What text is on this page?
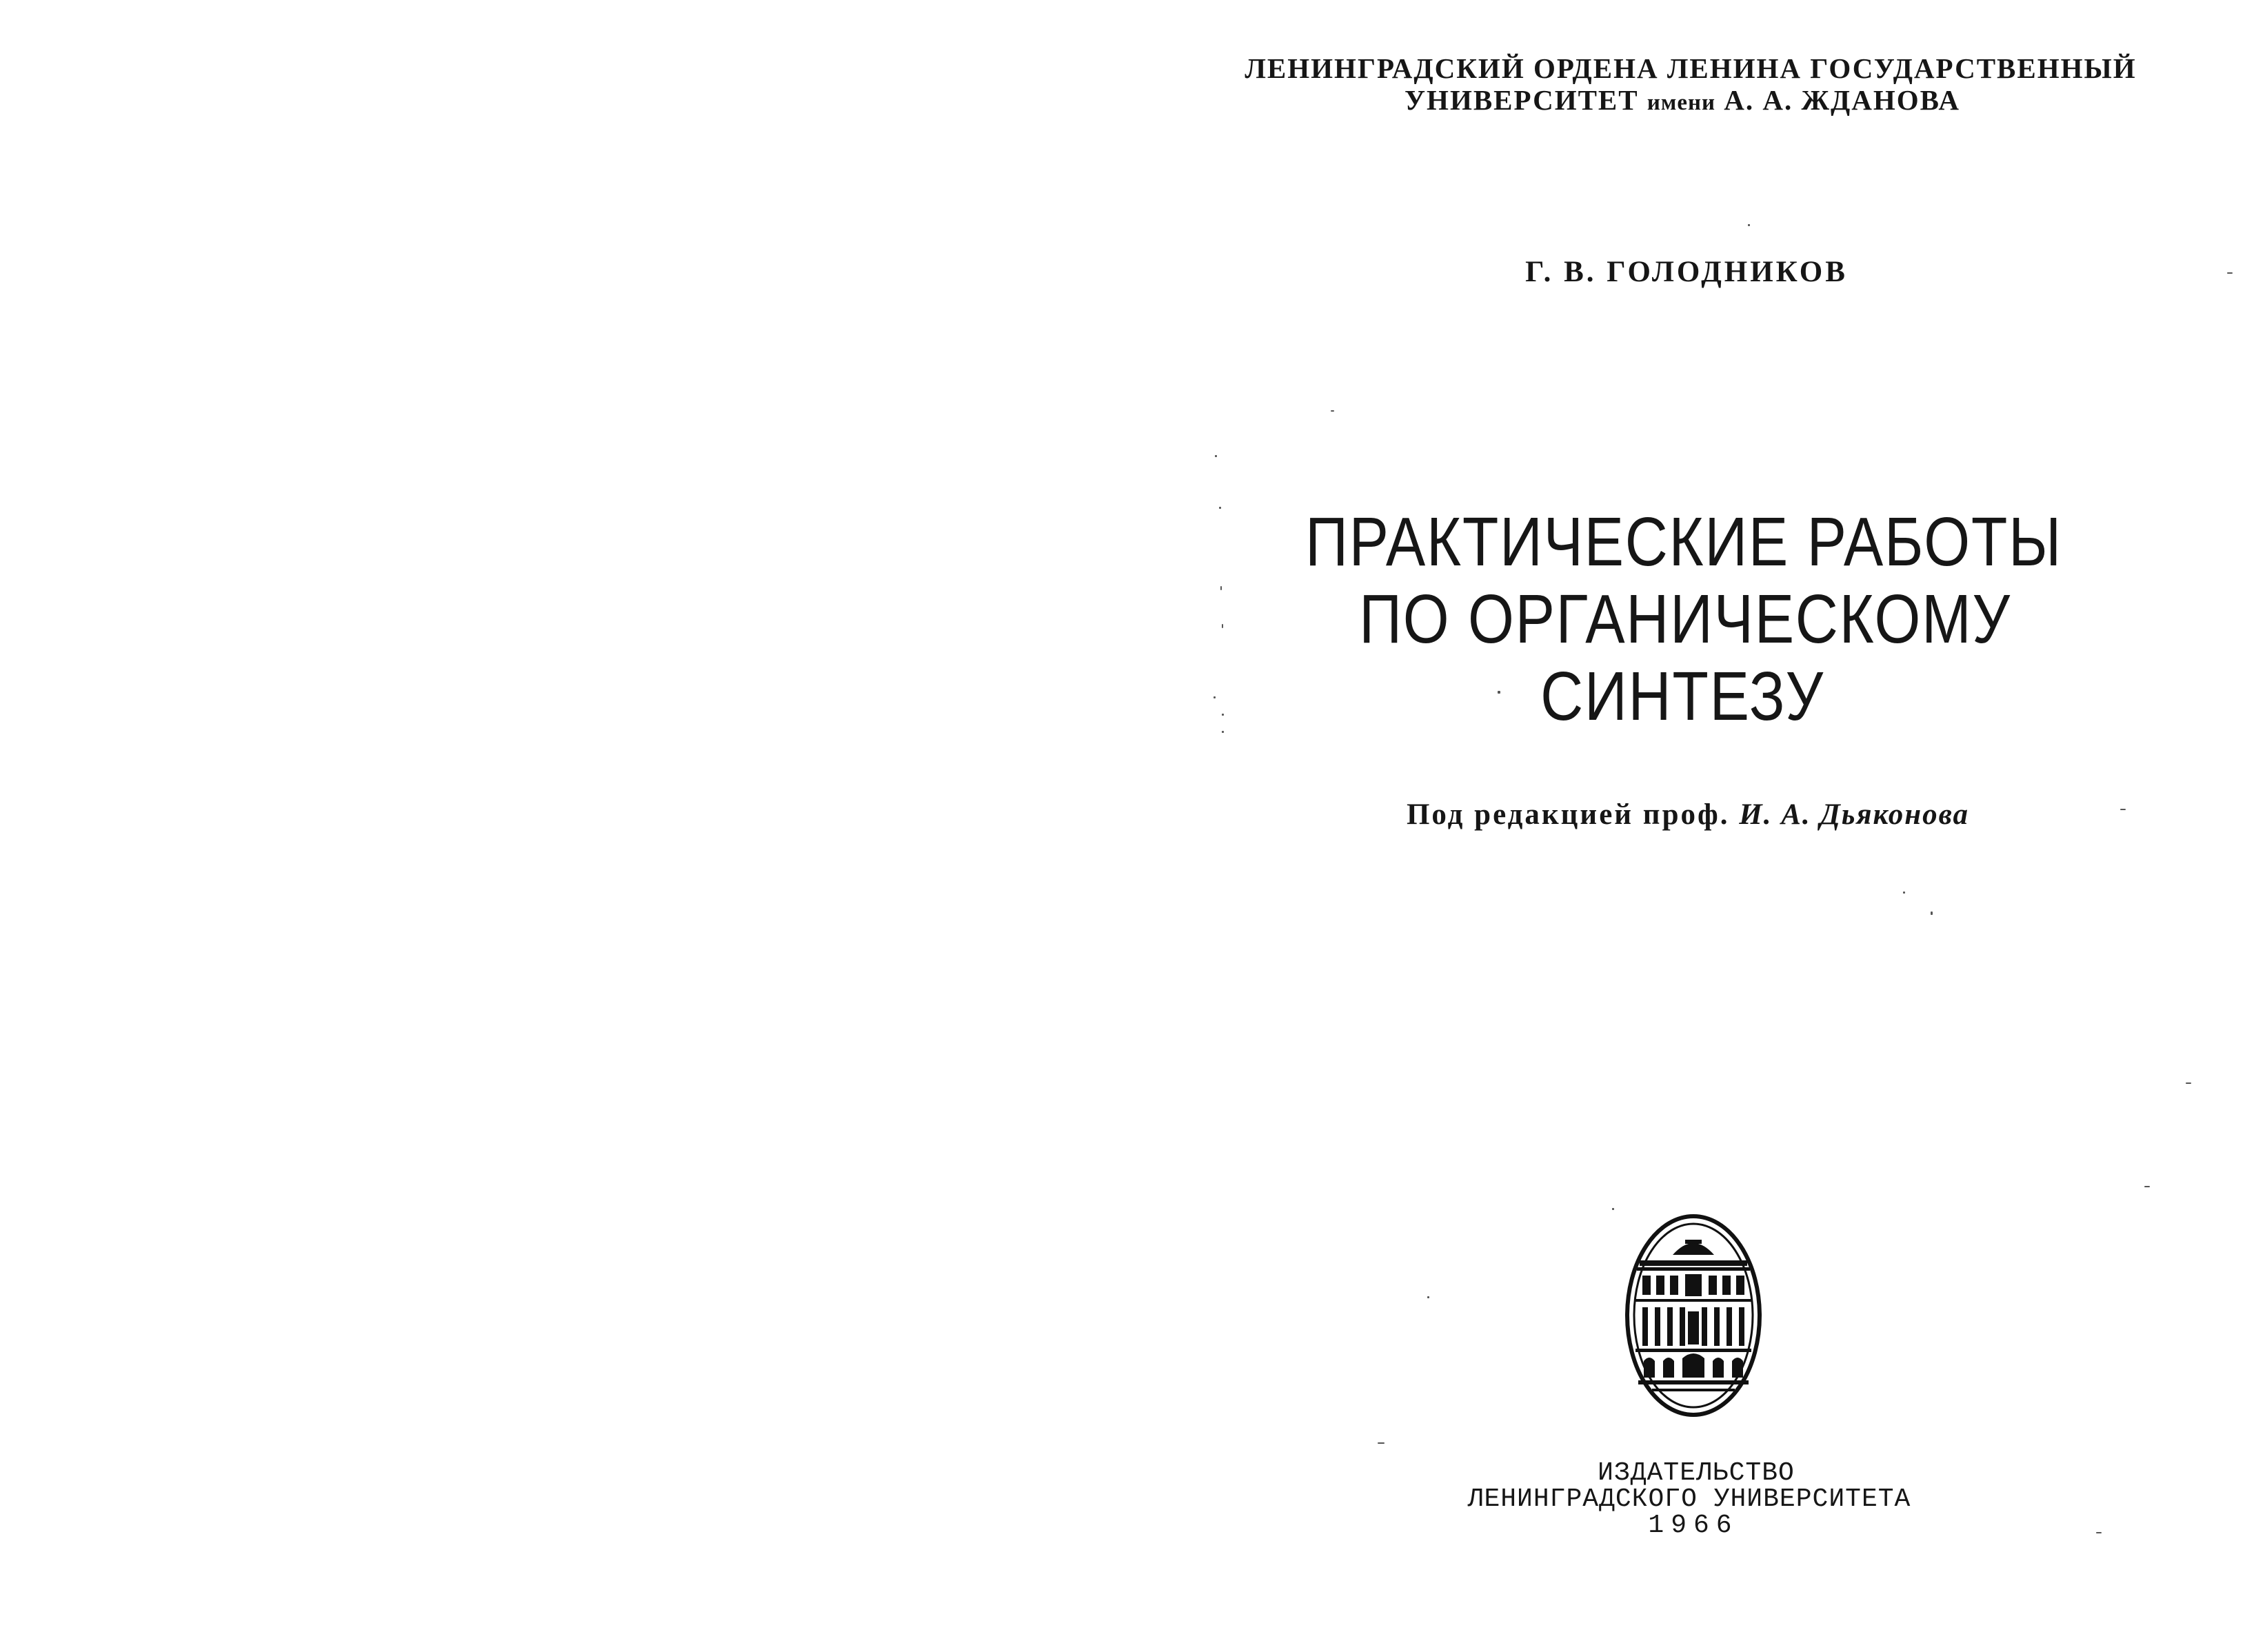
ЛЕНИНГРАДСКИЙ ОРДЕНА ЛЕНИНА ГОСУДАРСТВЕННЫЙ
УНИВЕРСИТЕТ имени А. А. ЖДАНОВА
Г. В. ГОЛОДНИКОВ
ПРАКТИЧЕСКИЕ РАБОТЫ
ПО ОРГАНИЧЕСКОМУ
СИНТЕЗУ
Под редакцией проф. И. А. Дьяконова
ИЗДАТЕЛЬСТВО
ЛЕНИНГРАДСКОГО УНИВЕРСИТЕТА
1966
